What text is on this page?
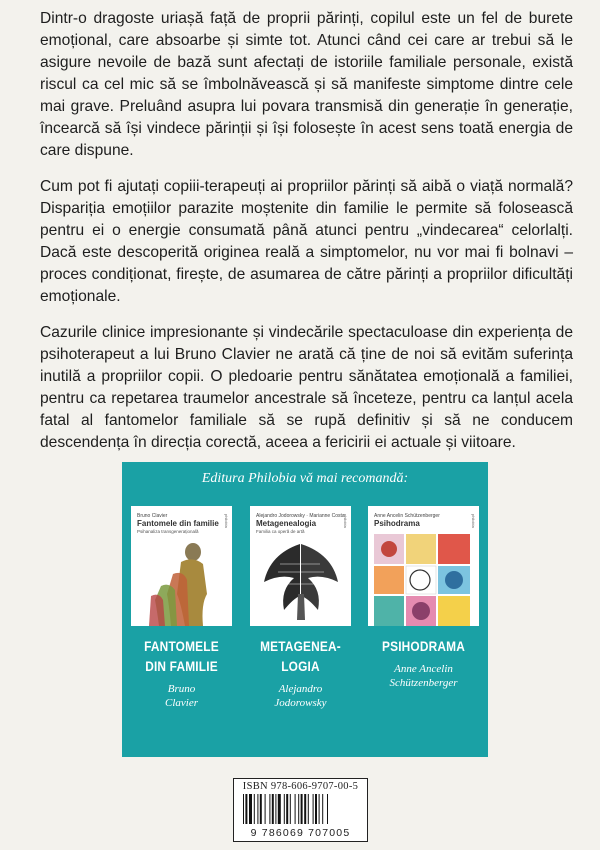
Dintr-o dragoste uriașă față de proprii părinți, copilul este un fel de burete emoțional, care absoarbe și simte tot. Atunci când cei care ar trebui să le asigure nevoile de bază sunt afectați de istoriile familiale personale, există riscul ca cel mic să se îmbolnăvească și să manifeste simptome dintre cele mai grave. Preluând asupra lui povara transmisă din generație în generație, încearcă să își vindece părinții și își folosește în acest sens toată energia de care dispune.

Cum pot fi ajutați copiii-terapeuți ai propriilor părinți să aibă o viață normală? Dispariția emoțiilor parazite moștenite din familie le permite să folosească pentru ei o energie consumată până atunci pentru „vindecarea“ celorlalți. Dacă este descoperită originea reală a simptomelor, nu vor mai fi bolnavi – proces condiționat, firește, de asumarea de către părinți a propriilor dificultăți emoționale.

Cazurile clinice impresionante și vindecările spectaculoase din experiența de psihoterapeut a lui Bruno Clavier ne arată că ține de noi să evităm suferința inutilă a propriilor copii. O pledoarie pentru sănătatea emoțională a familiei, pentru ca repetarea traumelor ancestrale să înceteze, pentru ca lanțul acela fatal al fantomelor familiale să se rupă definitiv și să ne conducem descendența în direcția corectă, aceea a fericirii ei actuale și viitoare.

Editura Philobia vă mai recomandă:
Bruno Clavier	philobia
Fantomele din familie
Psihanaliza transgenerațională
FANTOMELE
DIN FAMILIE
Bruno
Clavier
Alejandro Jodorowsky · Marianne Costa
philobia
Metagenealogia
Familia ca operă de artă
METAGENEA-
LOGIA
Alejandro
Jodorowsky
Anne Ancelin Schützenberger	philobia
Psihodrama
PSIHODRAMA

Anne Ancelin
Schützenberger
ISBN 978-606-9707-00-5
9 786069 707005
